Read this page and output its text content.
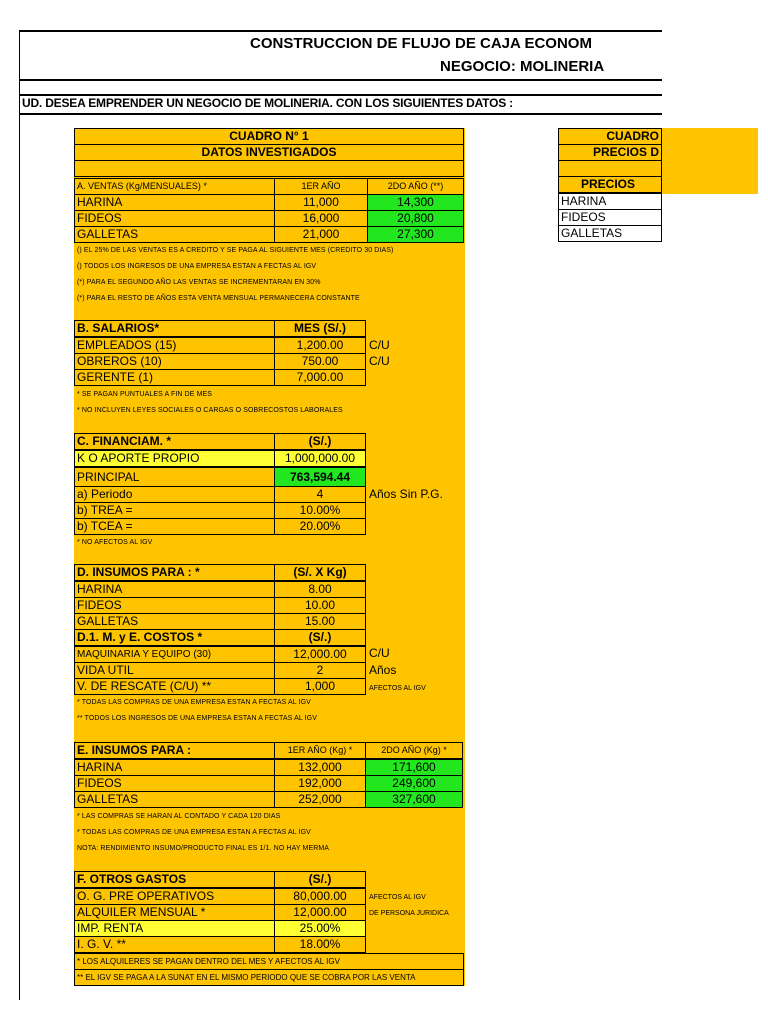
CONSTRUCCION DE FLUJO DE CAJA ECONOM
NEGOCIO: MOLINERIA
UD. DESEA EMPRENDER UN NEGOCIO DE MOLINERIA. CON LOS SIGUIENTES DATOS :
CUADRO N° 1
DATOS INVESTIGADOS
A. VENTAS (Kg/MENSUALES) *	1ER AÑO	2DO AÑO (**)
HARINA	11,000	14,300
FIDEOS	16,000	20,800
GALLETAS	21,000	27,300
() EL 25% DE LAS VENTAS ES A CREDITO Y SE PAGA AL SIGUIENTE MES (CREDITO 30 DIAS)
() TODOS LOS INGRESOS DE UNA EMPRESA ESTAN A FECTAS AL IGV
(*) PARA EL SEGUNDO AÑO LAS VENTAS SE INCREMENTARAN EN 30%
(*) PARA EL RESTO DE AÑOS ESTA VENTA MENSUAL PERMANECERA CONSTANTE
B. SALARIOS*	MES (S/.)
EMPLEADOS (15)	1,200.00	C/U
OBREROS (10)	750.00	C/U
GERENTE (1)	7,000.00
* SE PAGAN PUNTUALES A FIN DE MES
* NO INCLUYEN LEYES SOCIALES O CARGAS O SOBRECOSTOS LABORALES
C. FINANCIAM. *	(S/.)
K O APORTE PROPIO	1,000,000.00
PRINCIPAL	763,594.44
a) Periodo	4	Años Sin P.G.
b) TREA =	10.00%
b) TCEA =	20.00%
* NO AFECTOS AL IGV
D. INSUMOS PARA : *	(S/. X Kg)
HARINA	8.00
FIDEOS	10.00
GALLETAS	15.00
D.1. M. y E. COSTOS *	(S/.)
MAQUINARIA Y EQUIPO (30)	12,000.00	C/U
VIDA UTIL	2	Años
V. DE RESCATE (C/U) **	1,000	AFECTOS AL IGV
* TODAS LAS COMPRAS DE UNA EMPRESA ESTAN A FECTAS AL IGV
** TODOS LOS INGRESOS DE UNA EMPRESA ESTAN A FECTAS AL IGV
E. INSUMOS PARA :	1ER AÑO (Kg) *	2DO AÑO (Kg) *
HARINA	132,000	171,600
FIDEOS	192,000	249,600
GALLETAS	252,000	327,600
* LAS COMPRAS SE HARAN AL CONTADO Y CADA 120 DIAS
* TODAS LAS COMPRAS DE UNA EMPRESA ESTAN A FECTAS AL IGV
NOTA: RENDIMIENTO INSUMO/PRODUCTO FINAL ES 1/1. NO HAY MERMA
F. OTROS GASTOS	(S/.)
O. G. PRE OPERATIVOS	80,000.00	AFECTOS AL IGV
ALQUILER MENSUAL *	12,000.00	DE PERSONA JURIDICA
IMP. RENTA	25.00%
I. G. V. **	18.00%
* LOS ALQUILERES SE PAGAN DENTRO DEL MES Y AFECTOS AL IGV
** EL IGV SE PAGA A LA SUNAT EN EL MISMO PERIODO QUE SE COBRA POR LAS VENTA
CUADRO
PRECIOS D
PRECIOS
HARINA
FIDEOS
GALLETAS
